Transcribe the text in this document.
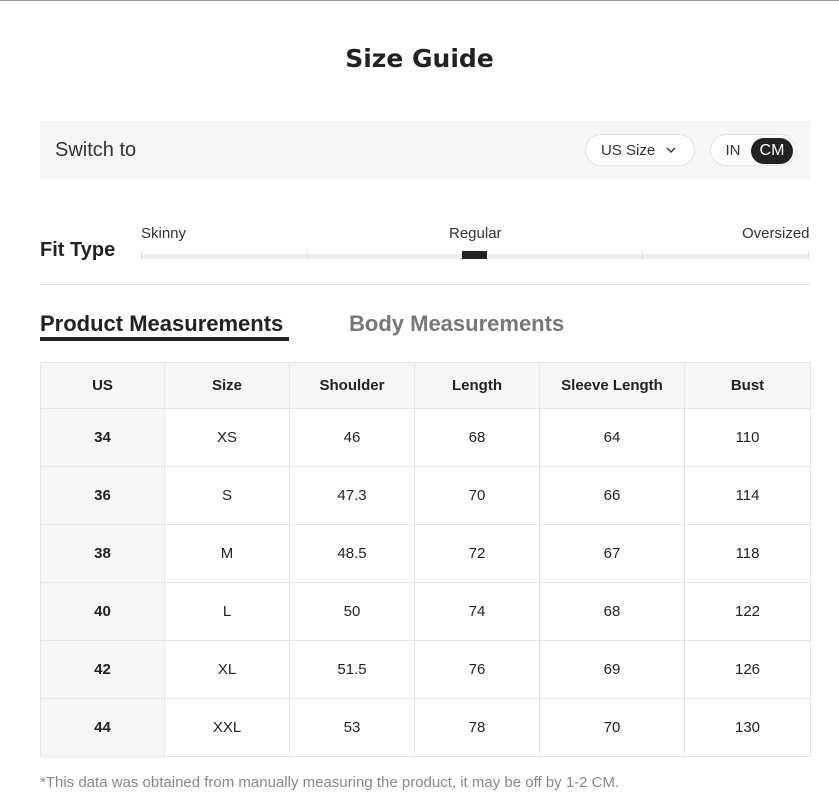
Size Guide
Switch to	US Size	IN	CM
Fit Type
Skinny	Regular	Oversized
Product Measurements	Body Measurements
US	Size	Shoulder	Length	Sleeve Length	Bust
34	XS	46	68	64	110
36	S	47.3	70	66	114
38	M	48.5	72	67	118
40	L	50	74	68	122
42	XL	51.5	76	69	126
44	XXL	53	78	70	130
*This data was obtained from manually measuring the product, it may be off by 1-2 CM.
